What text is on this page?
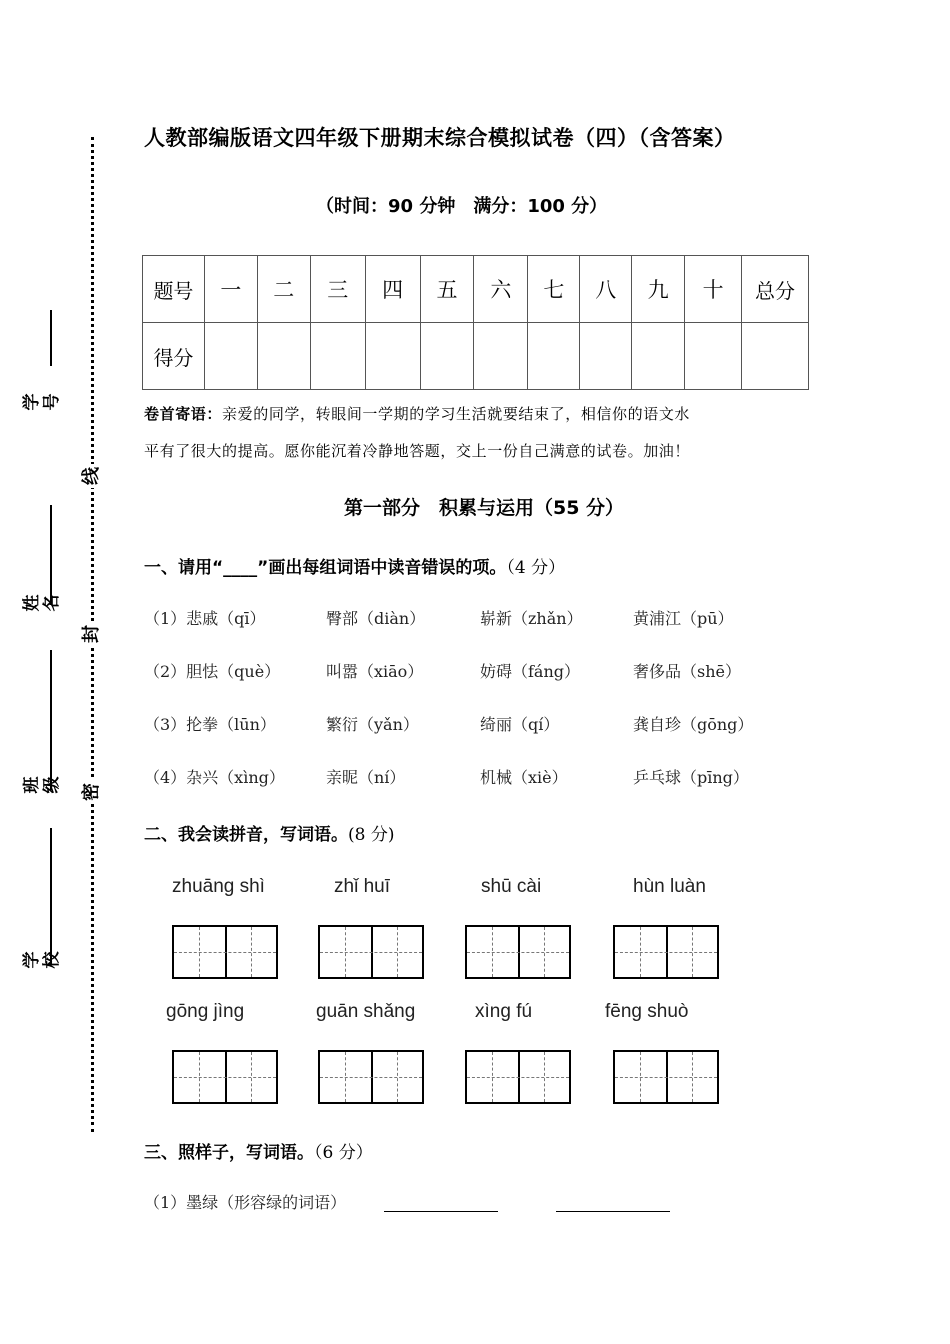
线
封
密
学号
姓名
班级
学校
人教部编版语文四年级下册期末综合模拟试卷（四）（含答案）
（时间：90 分钟　满分：100 分）
题号	一	二	三	四	五	六	七	八	九	十	总分
得分											
卷首寄语：亲爱的同学，转眼间一学期的学习生活就要结束了，相信你的语文水
平有了很大的提高。愿你能沉着冷静地答题，交上一份自己满意的试卷。加油！
第一部分　积累与运用（55 分）
一、请用“____”画出每组词语中读音错误的项。（4 分）
（1）悲戚（qī）	臀部（diàn）	崭新（zhǎn）	黄浦江（pū）
（2）胆怯（què）	叫嚣（xiāo）	妨碍（fáng）	奢侈品（shē）
（3）抡拳（lūn）	繁衍（yǎn）	绮丽（qí）	龚自珍（gōng）
（4）杂兴（xìng）	亲昵（ní）	机械（xiè）	乒乓球（pīng）
二、我会读拼音，写词语。(8 分)
zhuāng shì	zhǐ huī	shū cài	hùn luàn
gōng jìng	guān shǎng	xìng fú	fēng shuò
三、照样子，写词语。（6 分）
（1）墨绿（形容绿的词语）
